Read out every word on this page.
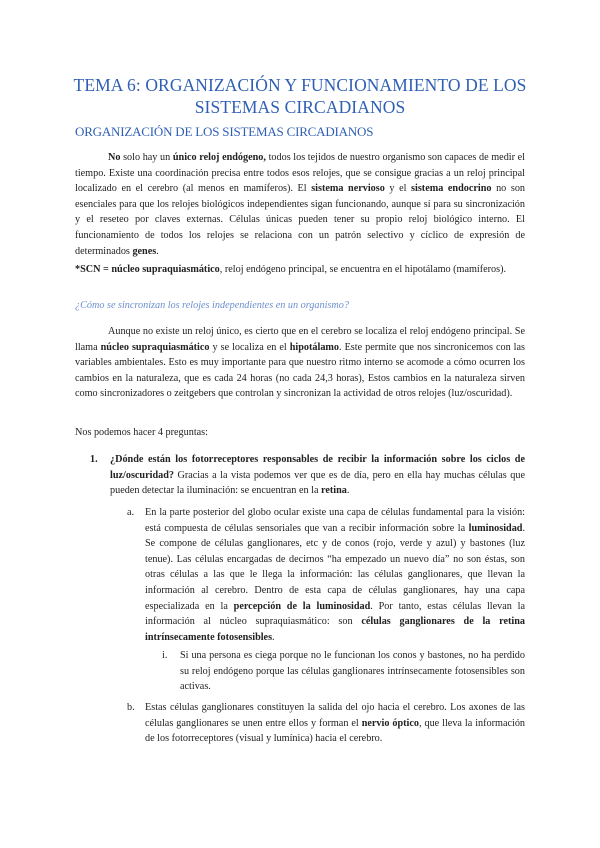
TEMA 6: ORGANIZACIÓN Y FUNCIONAMIENTO DE LOS SISTEMAS CIRCADIANOS
ORGANIZACIÓN DE LOS SISTEMAS CIRCADIANOS

No solo hay un único reloj endógeno, todos los tejidos de nuestro organismo son capaces de medir el tiempo. Existe una coordinación precisa entre todos esos relojes, que se consigue gracias a un reloj principal localizado en el cerebro (al menos en mamíferos). El sistema nervioso y el sistema endocrino no son esenciales para que los relojes biológicos independientes sigan funcionando, aunque sí para su sincronización y el reseteo por claves externas. Células únicas pueden tener su propio reloj biológico interno. El funcionamiento de todos los relojes se relaciona con un patrón selectivo y cíclico de expresión de determinados genes.

*SCN = núcleo supraquiasmático, reloj endógeno principal, se encuentra en el hipotálamo (mamíferos).

¿Cómo se sincronizan los relojes independientes en un organismo?

Aunque no existe un reloj único, es cierto que en el cerebro se localiza el reloj endógeno principal. Se llama núcleo supraquiasmático y se localiza en el hipotálamo. Este permite que nos sincronicemos con las variables ambientales. Esto es muy importante para que nuestro ritmo interno se acomode a cómo ocurren los cambios en la naturaleza, que es cada 24 horas (no cada 24,3 horas), Estos cambios en la naturaleza sirven como sincronizadores o zeitgebers que controlan y sincronizan la actividad de otros relojes (luz/oscuridad).

Nos podemos hacer 4 preguntas:

1. ¿Dónde están los fotorreceptores responsables de recibir la información sobre los ciclos de luz/oscuridad? Gracias a la vista podemos ver que es de día, pero en ella hay muchas células que pueden detectar la iluminación: se encuentran en la retina.

a. En la parte posterior del globo ocular existe una capa de células fundamental para la visión: está compuesta de células sensoriales que van a recibir información sobre la luminosidad. Se compone de células ganglionares, etc y de conos (rojo, verde y azul) y bastones (luz tenue). Las células encargadas de decirnos “ha empezado un nuevo día” no son éstas, son otras células a las que le llega la información: las células ganglionares, que llevan la información al cerebro. Dentro de esta capa de células ganglionares, hay una capa especializada en la percepción de la luminosidad. Por tanto, estas células llevan la información al núcleo supraquiasmático: son células ganglionares de la retina intrínsecamente fotosensibles.

i. Si una persona es ciega porque no le funcionan los conos y bastones, no ha perdido su reloj endógeno porque las células ganglionares intrínsecamente fotosensibles son activas.

b. Estas células ganglionares constituyen la salida del ojo hacia el cerebro. Los axones de las células ganglionares se unen entre ellos y forman el nervio óptico, que lleva la información de los fotorreceptores (visual y lumínica) hacia el cerebro.
